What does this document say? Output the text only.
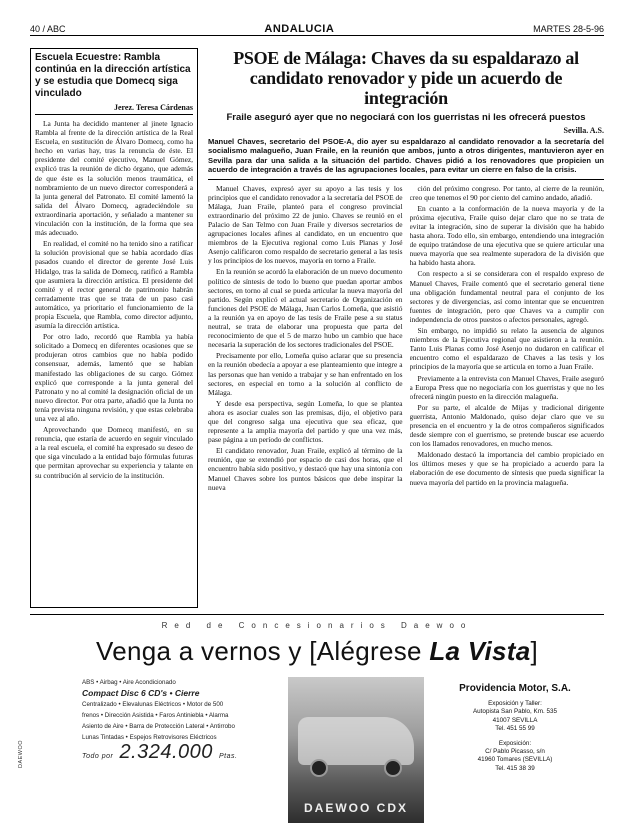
40 / ABC	ANDALUCIA	MARTES 28-5-96
Escuela Ecuestre: Rambla continúa en la dirección artística y se estudia que Domecq siga vinculado
Jerez. Teresa Cárdenas

La Junta ha decidido mantener al jinete Ignacio Rambla al frente de la dirección artística de la Real Escuela, en sustitución de Álvaro Domecq, como ha hecho en varias hay, tras la renuncia de éste. El presidente del comité ejecutivo, Manuel Gómez, explicó tras la reunión de dicho órgano, que además de que éste es la solución menos traumática, el nombramiento de un nuevo director corresponderá a la junta general del Patronato. El comité lamentó la salida del Álvaro Domecq, agradeciéndole su extraordinaria aportación, y señalado a mantener su vinculación con la institución, de la forma que sea más adecuado.

En realidad, el comité no ha tenido sino a ratificar la solución provisional que se había acordado días pasados cuando el director de gerente José Luis Hidalgo, tras la salida de Domecq, ratificó a Rambla que asumiera la dirección artística. El presidente del comité y el rector general de patrimonio habrán cerradamente tras que se trata de un paso casi automático, ya prioritario el funcionamiento de la propia Escuela, que Rambla, como director adjunto, asumía la dirección artística.

Por otro lado, recordó que Rambla ya había solicitado a Domecq en diferentes ocasiones que se produjeran otros cambios que no había podido consensuar, además, lamentó que se habían manifestado las obligaciones de su cargo. Gómez explicó que corresponde a la junta general del Patronato y no al comité la designación oficial de un nuevo director. Por otra parte, añadió que la Junta no tenía prevista ninguna revisión, y que estas celebraba una vez al año.

Aprovechando que Domecq manifestó, en su renuncia, que estaría de acuerdo en seguir vinculado a la real escuela, el comité ha expresado su deseo de que siga vinculado a la entidad bajo fórmulas futuras que permitan aprovechar su experiencia y talante en su contribución al servicio de la institución.

PSOE de Málaga: Chaves da su espaldarazo al candidato renovador y pide un acuerdo de integración
Fraile aseguró ayer que no negociará con los guerristas ni les ofrecerá puestos
Sevilla. A.S.
Manuel Chaves, secretario del PSOE-A, dio ayer su espaldarazo al candidato renovador a la secretaría del socialismo malagueño, Juan Fraile, en la reunión que ambos, junto a otros dirigentes, mantuvieron ayer en Sevilla para dar una salida a la situación del partido. Chaves pidió a los renovadores que propicien un acuerdo de integración a través de las agrupaciones locales, para evitar un cierre en falso de la crisis.

Manuel Chaves, expresó ayer su apoyo a las tesis y los principios que el candidato renovador a la secretaría del PSOE de Málaga, Juan Fraile, planteó para el congreso provincial extraordinario del próximo 22 de junio. Chaves se reunió en el Palacio de San Telmo con Juan Fraile y diversos secretarios de agrupaciones locales afines al candidato, en un encuentro que miembros de la Ejecutiva regional como Luis Planas y José Asenjo calificaron como respaldo de secretario general a las tesis y los principios de los nuevos, mayoría en torno a Fraile.

En la reunión se acordó la elaboración de un nuevo documento político de síntesis de todo lo bueno que puedan aportar ambos sectores, en torno al cual se pueda articular la nueva mayoría del partido. Según explicó el actual secretario de Organización en funciones del PSOE de Málaga, Juan Carlos Lomeña, que asistió a la reunión ya en apoyo de las tesis de Fraile pese a su status neutral, se trata de elaborar una propuesta que parta del reconocimiento de que el 5 de marzo hubo un cambio que hace necesaria la superación de los sectores tradicionales del PSOE.

Precisamente por ello, Lomeña quiso aclarar que su presencia en la reunión obedecía a apoyar a ese planteamiento que integre a las personas que han venido a trabajar y se han enfrentado en los sectores, en especial en torno a la solución al conflicto de Málaga.

Y desde esa perspectiva, según Lomeña, lo que se plantea ahora es asociar cuales son las premisas, dijo, el objetivo para que del congreso salga una ejecutiva que sea eficaz, que represente a la amplia mayoría del partido y que una vez más, pase página a un período de conflictos.

El candidato renovador, Juan Fraile, explicó al término de la reunión, que se extendió por espacio de casi dos horas, que el encuentro había sido positivo, y destacó que hay una sintonía con Manuel Chaves sobre los puntos básicos que debe inspirar la nueva

ción del próximo congreso. Por tanto, al cierre de la reunión, creo que tenemos el 90 por ciento del camino andado, añadió.

En cuanto a la conformación de la nueva mayoría y de la próxima ejecutiva, Fraile quiso dejar claro que no se trata de evitar la integración, sino de superar la división que ha habido hasta ahora. Todo ello, sin embargo, entendiendo una integración de equipo tratándose de una ejecutiva que se quiere articular una nueva mayoría que sea realmente superadora de la división que ha habido hasta ahora.

Con respecto a si se considerara con el respaldo expreso de Manuel Chaves, Fraile comentó que el secretario general tiene una obligación fundamental neutral para el conjunto de los sectores y de divergencias, así como intentar que se encuentren fuentes de integración, pero que Chaves va a cumplir con independencia de otros puestos o afectos personales, agregó.

Sin embargo, no impidió su relato la ausencia de algunos miembros de la Ejecutiva regional que asistieron a la reunión. Tanto Luis Planas como José Asenjo no dudaron en calificar el encuentro como el espaldarazo de Chaves a las tesis y los principios de la mayoría que se articula en torno a Juan Fraile.

Previamente a la entrevista con Manuel Chaves, Fraile aseguró a Europa Press que no negociaría con los guerristas y que no les ofrecerá ningún puesto en la dirección malagueña.

Por su parte, el alcalde de Mijas y tradicional dirigente guerrista, Antonio Maldonado, quiso dejar claro que ve su presencia en el encuentro y la de otros compañeros significados desde siempre con el guerrismo, se pretende buscar ese acuerdo con los llamados renovadores, en mucho menos.

Maldonado destacó la importancia del cambio propiciado en los últimos meses y que se ha propiciado a acuerdo para la elaboración de ese documento de síntesis que pueda significar la nueva mayoría del partido en la provincia malagueña.

Red de Concesionarios Daewoo
Venga a vernos y [Alégrese La Vista]
ABS • Airbag • Aire Acondicionado
Compact Disc 6 CD's • Cierre
Centralizado • Elevalunas Eléctricos • Motor de 500
frenos • Dirección Asistida • Faros Antiniebla • Alarma
Asiento de Aire • Barra de Protección Lateral • Antirrobo
Lunas Tintadas • Espejos Retrovisores Eléctricos
Todo por 2.324.000 Ptas.
DAEWOO CDX
Providencia Motor, S.A.
Exposición y Taller:
Autopista San Pablo, Km. 535
41007 SEVILLA
Tel. 451 55 99
Exposición:
C/ Pablo Picasso, s/n
41960 Tomares (SEVILLA)
Tel. 415 38 39
DAEWOO
